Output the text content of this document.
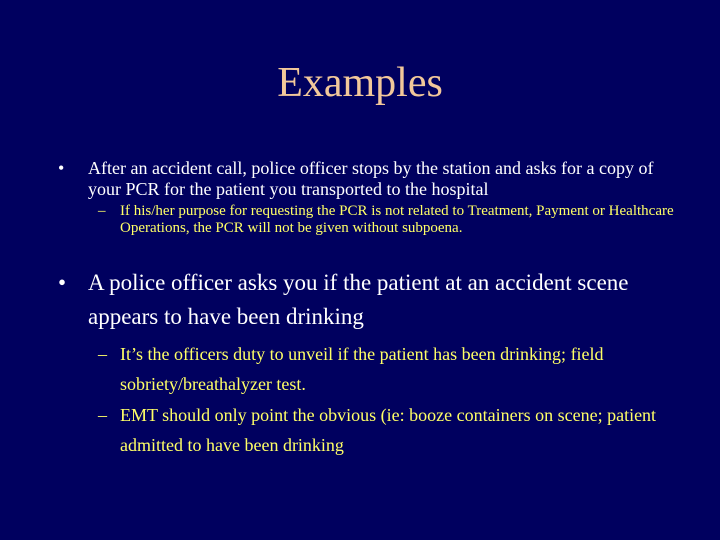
Examples
• After an accident call, police officer stops by the station and asks for a copy of your PCR for the patient you transported to the hospital
– If his/her purpose for requesting the PCR is not related to Treatment, Payment or Healthcare Operations, the PCR will not be given without subpoena.
• A police officer asks you if the patient at an accident scene appears to have been drinking
– It’s the officers duty to unveil if the patient has been drinking; field sobriety/breathalyzer test.
– EMT should only point the obvious (ie: booze containers on scene; patient admitted to have been drinking
